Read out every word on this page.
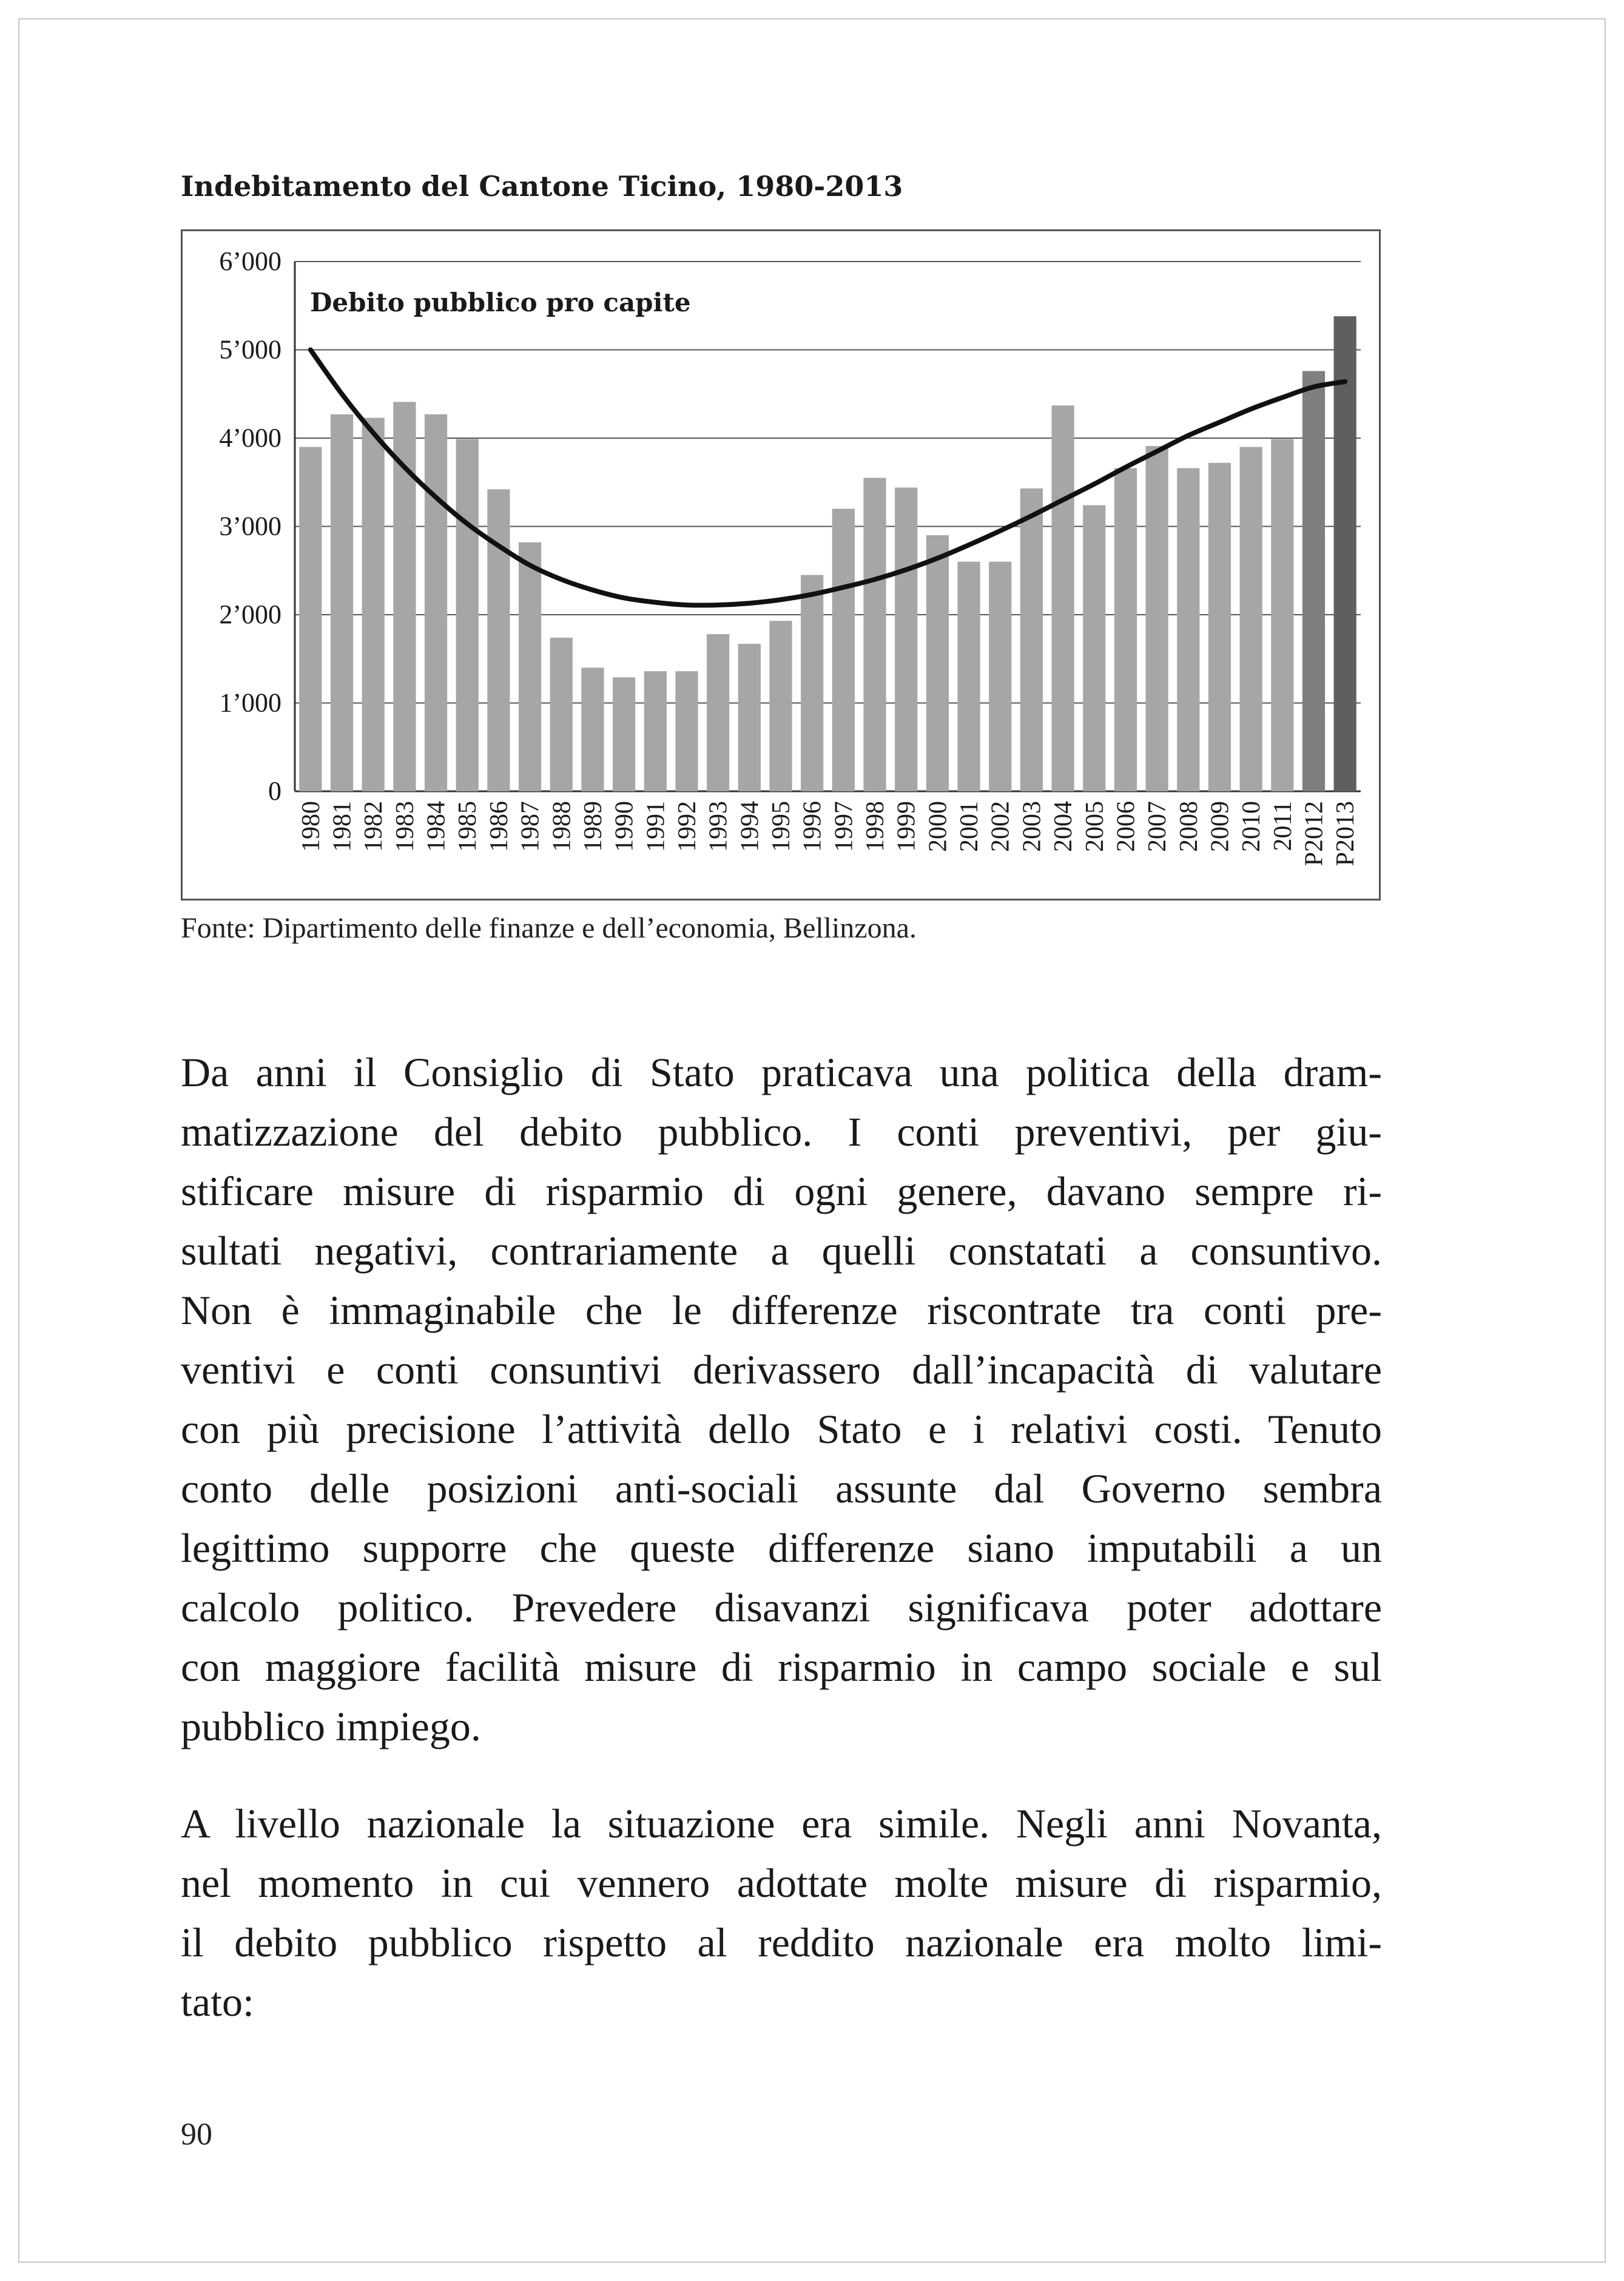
Indebitamento del Cantone Ticino, 1980-2013
0
1’000
2’000
3’000
4’000
5’000
6’000
1980 1981 1982 1983 1984 1985 1986 1987 1988 1989 1990 1991 1992 1993 1994 1995 1996 1997 1998 1999 2000 2001 2002 2003 2004 2005 2006 2007 2008 2009 2010 2011 P2012 P2013
Debito pubblico pro capite
Fonte: Dipartimento delle finanze e dell’economia, Bellinzona.
Da anni il Consiglio di Stato praticava una politica della dram-
matizzazione del debito pubblico. I conti preventivi, per giu-
stificare misure di risparmio di ogni genere, davano sempre ri-
sultati negativi, contrariamente a quelli constatati a consuntivo.
Non è immaginabile che le differenze riscontrate tra conti pre-
ventivi e conti consuntivi derivassero dall’incapacità di valutare
con più precisione l’attività dello Stato e i relativi costi. Tenuto
conto delle posizioni anti-sociali assunte dal Governo sembra
legittimo supporre che queste differenze siano imputabili a un
calcolo politico. Prevedere disavanzi significava poter adottare
con maggiore facilità misure di risparmio in campo sociale e sul
pubblico impiego.
A livello nazionale la situazione era simile. Negli anni Novanta,
nel momento in cui vennero adottate molte misure di risparmio,
il debito pubblico rispetto al reddito nazionale era molto limi-
tato:
90
